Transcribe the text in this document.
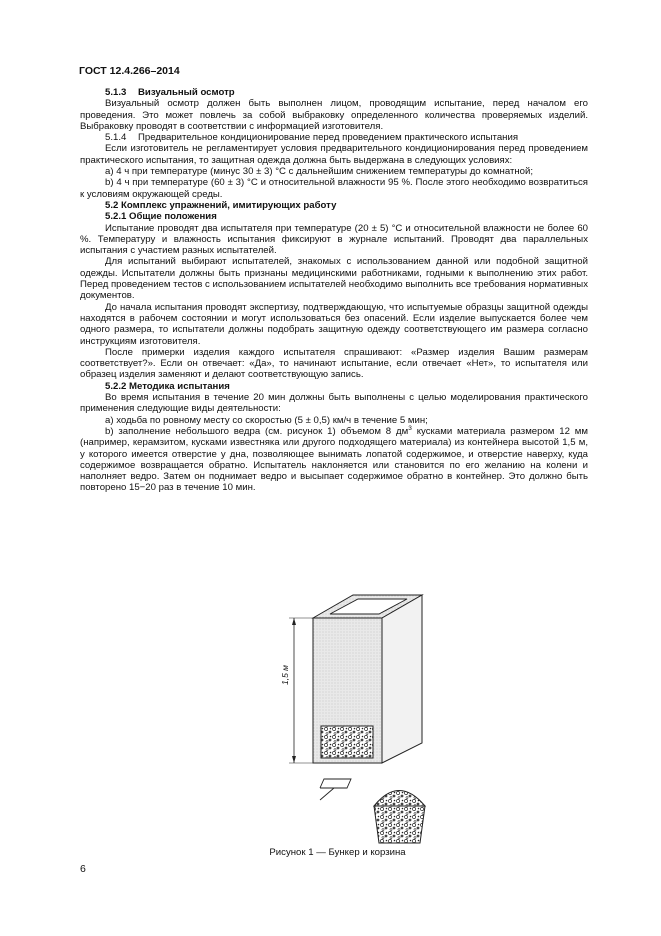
ГОСТ 12.4.266–2014

5.1.3 Визуальный осмотр

Визуальный осмотр должен быть выполнен лицом, проводящим испытание, перед началом его проведения. Это может повлечь за собой выбраковку определенного количества проверяемых изделий. Выбраковку проводят в соответствии с информацией изготовителя.

5.1.4 Предварительное кондиционирование перед проведением практического испытания

Если изготовитель не регламентирует условия предварительного кондиционирования перед проведением практического испытания, то защитная одежда должна быть выдержана в следующих условиях:

а) 4 ч при температуре (минус 30 ± 3) °С с дальнейшим снижением температуры до комнатной;

b) 4 ч при температуре (60 ± 3) °С и относительной влажности 95 %. После этого необходимо возвратиться к условиям окружающей среды.

5.2 Комплекс упражнений, имитирующих работу

5.2.1 Общие положения

Испытание проводят два испытателя при температуре (20 ± 5) °С и относительной влажности не более 60 %. Температуру и влажность испытания фиксируют в журнале испытаний. Проводят два параллельных испытания с участием разных испытателей.

Для испытаний выбирают испытателей, знакомых с использованием данной или подобной защитной одежды. Испытатели должны быть признаны медицинскими работниками, годными к выполнению этих работ. Перед проведением тестов с использованием испытателей необходимо выполнить все требования нормативных документов.

До начала испытания проводят экспертизу, подтверждающую, что испытуемые образцы защитной одежды находятся в рабочем состоянии и могут использоваться без опасений. Если изделие выпускается более чем одного размера, то испытатели должны подобрать защитную одежду соответствующего им размера согласно инструкциям изготовителя.

После примерки изделия каждого испытателя спрашивают: «Размер изделия Вашим размерам соответствует?». Если он отвечает: «Да», то начинают испытание, если отвечает «Нет», то испытателя или образец изделия заменяют и делают соответствующую запись.

5.2.2 Методика испытания

Во время испытания в течение 20 мин должны быть выполнены с целью моделирования практического применения следующие виды деятельности:

а) ходьба по ровному месту со скоростью (5 ± 0,5) км/ч в течение 5 мин;

b) заполнение небольшого ведра (см. рисунок 1) объемом 8 $дм^3$ кусками материала размером 12 мм (например, керамзитом, кусками известняка или другого подходящего материала) из контейнера высотой 1,5 м, у которого имеется отверстие у дна, позволяющее вынимать лопатой содержимое, и отверстие наверху, куда содержимое возвращается обратно. Испытатель наклоняется или становится по его желанию на колени и наполняет ведро. Затем он поднимает ведро и высыпает содержимое обратно в контейнер. Это должно быть повторено 15−20 раз в течение 10 мин.

1,5 м
Рисунок 1 — Бункер и корзина
6
